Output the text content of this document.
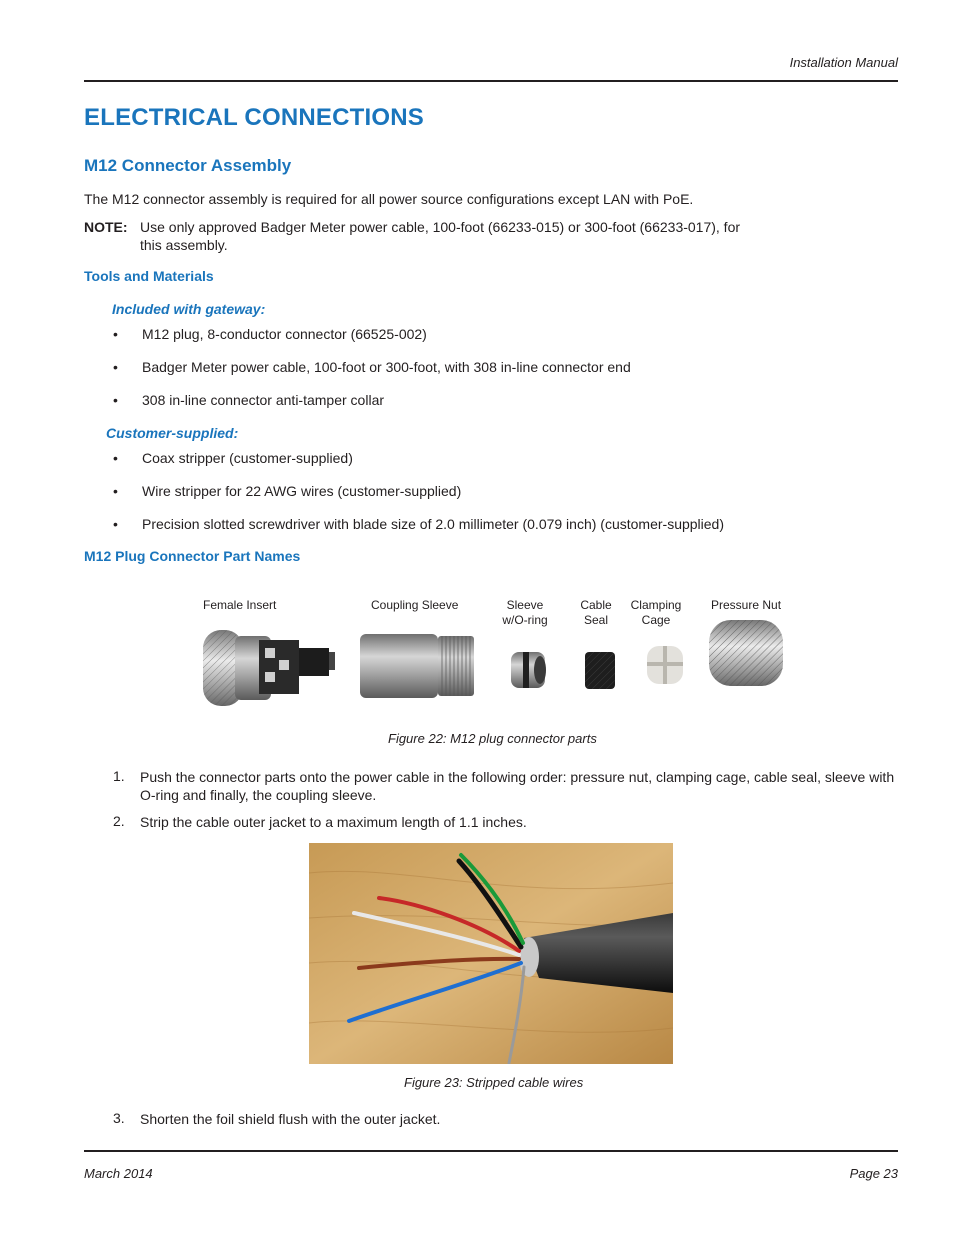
Installation Manual
ELECTRICAL CONNECTIONS
M12 Connector Assembly
The M12 connector assembly is required for all power source configurations except LAN with PoE.
NOTE: Use only approved Badger Meter power cable, 100-foot (66233-015) or 300-foot (66233-017), for
this assembly.
Tools and Materials
Included with gateway:
• M12 plug, 8-conductor connector (66525-002)
• Badger Meter power cable, 100-foot or 300-foot, with 308 in-line connector end
• 308 in-line connector anti-tamper collar
Customer-supplied:
• Coax stripper (customer-supplied)
• Wire stripper for 22 AWG wires (customer-supplied)
• Precision slotted screwdriver with blade size of 2.0 millimeter (0.079 inch) (customer-supplied)
M12 Plug Connector Part Names
Female Insert	Coupling Sleeve	Sleeve
w/O-ring
Cable
Seal
Clamping
Cage
Pressure Nut
Figure 22: M12 plug connector parts
1. Push the connector parts onto the power cable in the following order: pressure nut, clamping cage, cable seal, sleeve with O-ring and finally, the coupling sleeve.
2. Strip the cable outer jacket to a maximum length of 1.1 inches.
Figure 23: Stripped cable wires
3. Shorten the foil shield flush with the outer jacket.
March 2014	Page 23
